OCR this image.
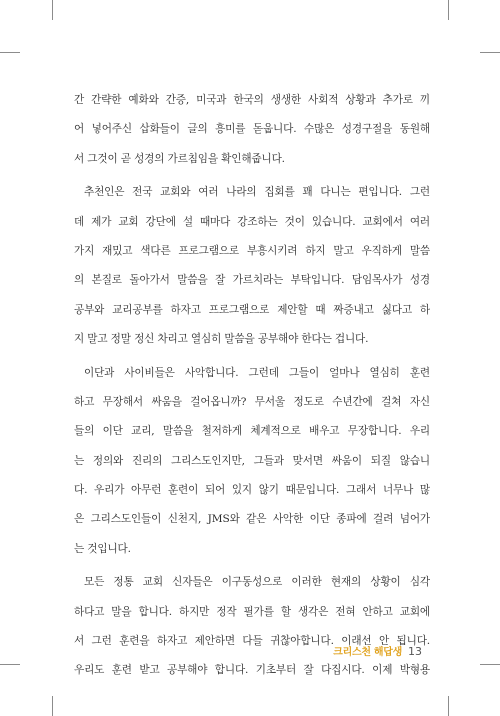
간 간략한 예화와 간증, 미국과 한국의 생생한 사회적 상황과 추가로 끼
어 넣어주신 삽화들이 글의 흥미를 돋웁니다. 수많은 성경구절을 동원해
서 그것이 곧 성경의 가르침임을 확인해줍니다.
추천인은 전국 교회와 여러 나라의 집회를 꽤 다니는 편입니다. 그런
데 제가 교회 강단에 설 때마다 강조하는 것이 있습니다. 교회에서 여러
가지 재밌고 색다른 프로그램으로 부흥시키려 하지 말고 우직하게 말씀
의 본질로 돌아가서 말씀을 잘 가르치라는 부탁입니다. 담임목사가 성경
공부와 교리공부를 하자고 프로그램으로 제안할 때 짜증내고 싫다고 하
지 말고 정말 정신 차리고 열심히 말씀을 공부해야 한다는 겁니다.
이단과 사이비들은 사악합니다. 그런데 그들이 얼마나 열심히 훈련
하고 무장해서 싸움을 걸어옵니까? 무서울 정도로 수년간에 걸쳐 자신
들의 이단 교리, 말씀을 철저하게 체계적으로 배우고 무장합니다. 우리
는 정의와 진리의 그리스도인지만, 그들과 맞서면 싸움이 되질 않습니
다. 우리가 아무런 훈련이 되어 있지 않기 때문입니다. 그래서 너무나 많
은 그리스도인들이 신천지, JMS와 같은 사악한 이단 종파에 걸려 넘어가
는 것입니다.
모든 정통 교회 신자들은 이구동성으로 이러한 현재의 상황이 심각
하다고 말을 합니다. 하지만 정작 필가를 할 생각은 전혀 안하고 교회에
서 그런 훈련을 하자고 제안하면 다들 귀찮아합니다. 이래선 안 됩니다.
우리도 훈련 받고 공부해야 합니다. 기초부터 잘 다집시다. 이제 박형용
크리스천 해답생 13
